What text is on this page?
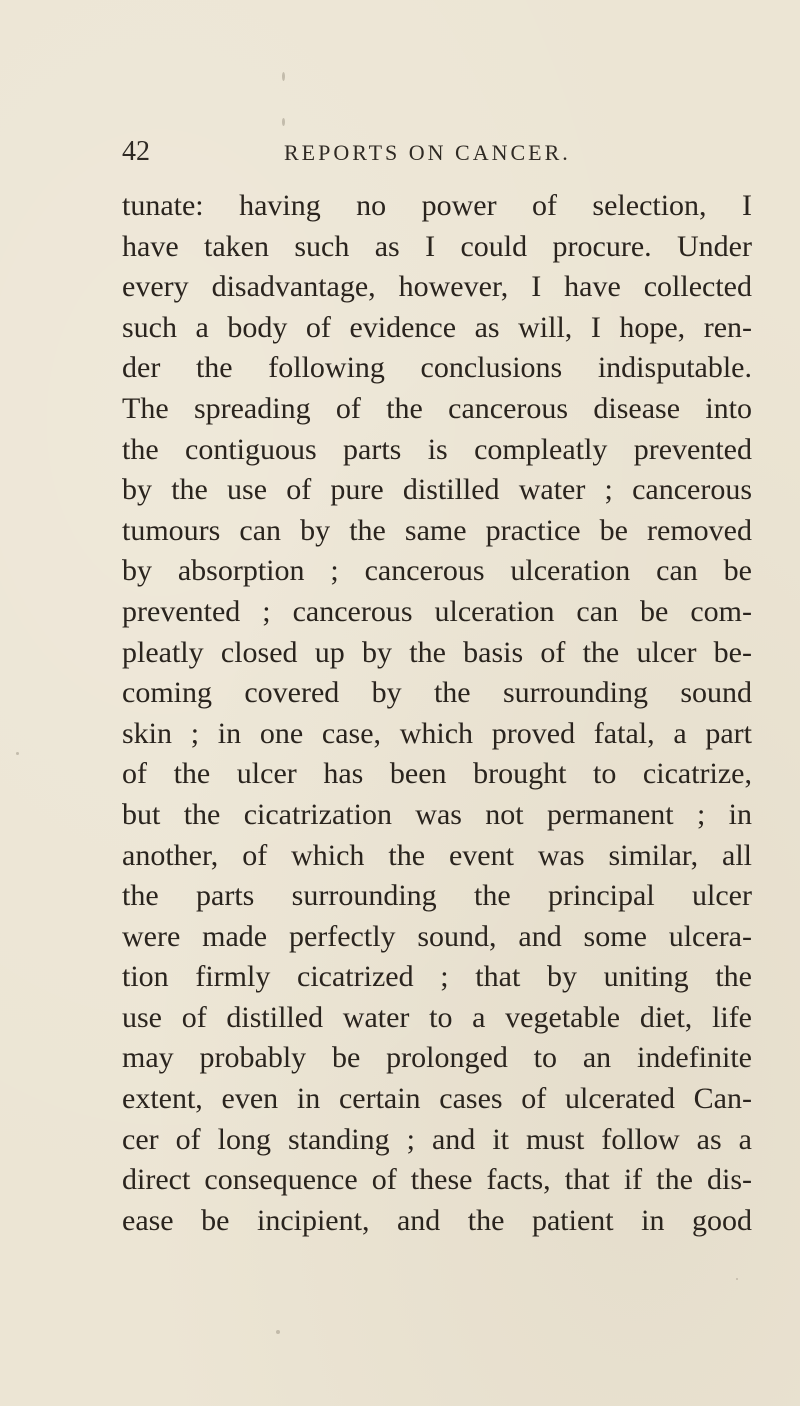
42	REPORTS ON CANCER.
tunate: having no power of selection, I
have taken such as I could procure. Under
every disadvantage, however, I have collected
such a body of evidence as will, I hope, ren-
der the following conclusions indisputable.
The spreading of the cancerous disease into
the contiguous parts is compleatly prevented
by the use of pure distilled water ; cancerous
tumours can by the same practice be removed
by absorption ; cancerous ulceration can be
prevented ; cancerous ulceration can be com-
pleatly closed up by the basis of the ulcer be-
coming covered by the surrounding sound
skin ; in one case, which proved fatal, a part
of the ulcer has been brought to cicatrize,
but the cicatrization was not permanent ; in
another, of which the event was similar, all
the parts surrounding the principal ulcer
were made perfectly sound, and some ulcera-
tion firmly cicatrized ; that by uniting the
use of distilled water to a vegetable diet, life
may probably be prolonged to an indefinite
extent, even in certain cases of ulcerated Can-
cer of long standing ; and it must follow as a
direct consequence of these facts, that if the dis-
ease be incipient, and the patient in good
